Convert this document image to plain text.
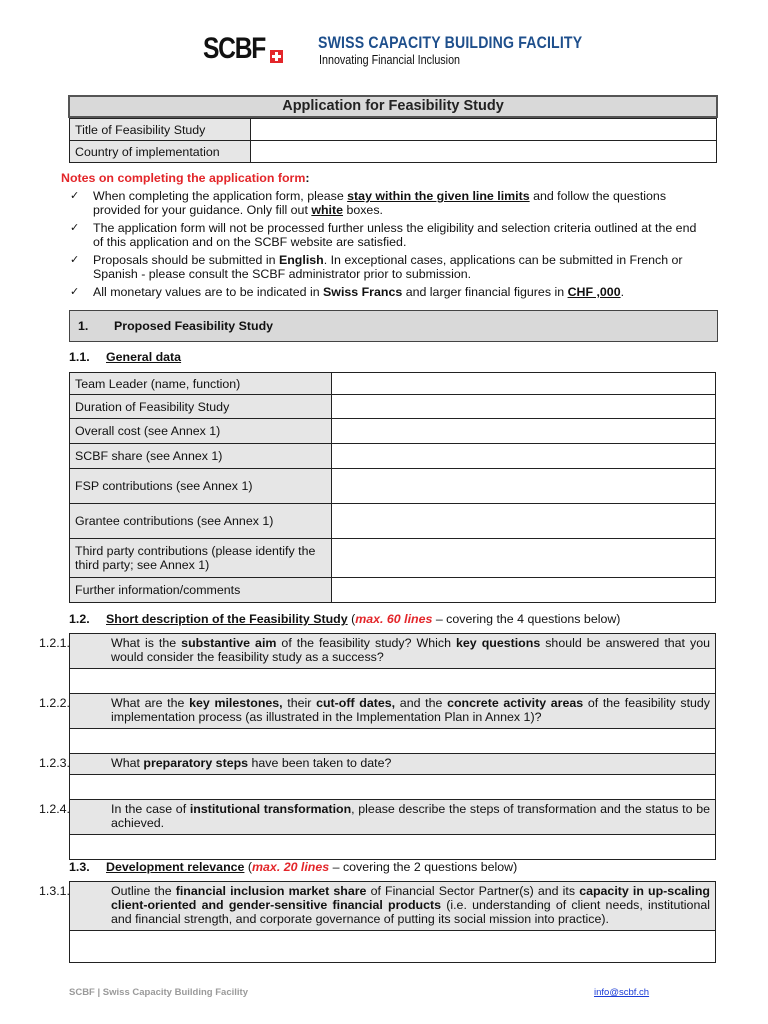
SCBF	SWISS CAPACITY BUILDING FACILITY
Innovating Financial Inclusion
Application for Feasibility Study
Title of Feasibility Study	
Country of implementation	
Notes on completing the application form:
✓ When completing the application form, please stay within the given line limits and follow the questions provided for your guidance. Only fill out white boxes.
✓ The application form will not be processed further unless the eligibility and selection criteria outlined at the end of this application and on the SCBF website are satisfied.
✓ Proposals should be submitted in English. In exceptional cases, applications can be submitted in French or Spanish - please consult the SCBF administrator prior to submission.
✓ All monetary values are to be indicated in Swiss Francs and larger financial figures in CHF ,000.
1. Proposed Feasibility Study
1.1. General data
Team Leader (name, function)	
Duration of Feasibility Study	
Overall cost (see Annex 1)	
SCBF share (see Annex 1)	
FSP contributions (see Annex 1)	
Grantee contributions (see Annex 1)	
Third party contributions (please identify the third party; see Annex 1)	
Further information/comments	
1.2. Short description of the Feasibility Study (max. 60 lines – covering the 4 questions below)
1.2.1.	What is the substantive aim of the feasibility study? Which key questions should be answered that you would consider the feasibility study as a success?

1.2.2.	What are the key milestones, their cut-off dates, and the concrete activity areas of the feasibility study implementation process (as illustrated in the Implementation Plan in Annex 1)?

1.2.3.	What preparatory steps have been taken to date?

1.2.4.	In the case of institutional transformation, please describe the steps of transformation and the status to be achieved.

1.3. Development relevance (max. 20 lines – covering the 2 questions below)
1.3.1.	Outline the financial inclusion market share of Financial Sector Partner(s) and its capacity in up-scaling client-oriented and gender-sensitive financial products (i.e. understanding of client needs, institutional and financial strength, and corporate governance of putting its social mission into practice).

SCBF | Swiss Capacity Building Facility	info@scbf.ch
